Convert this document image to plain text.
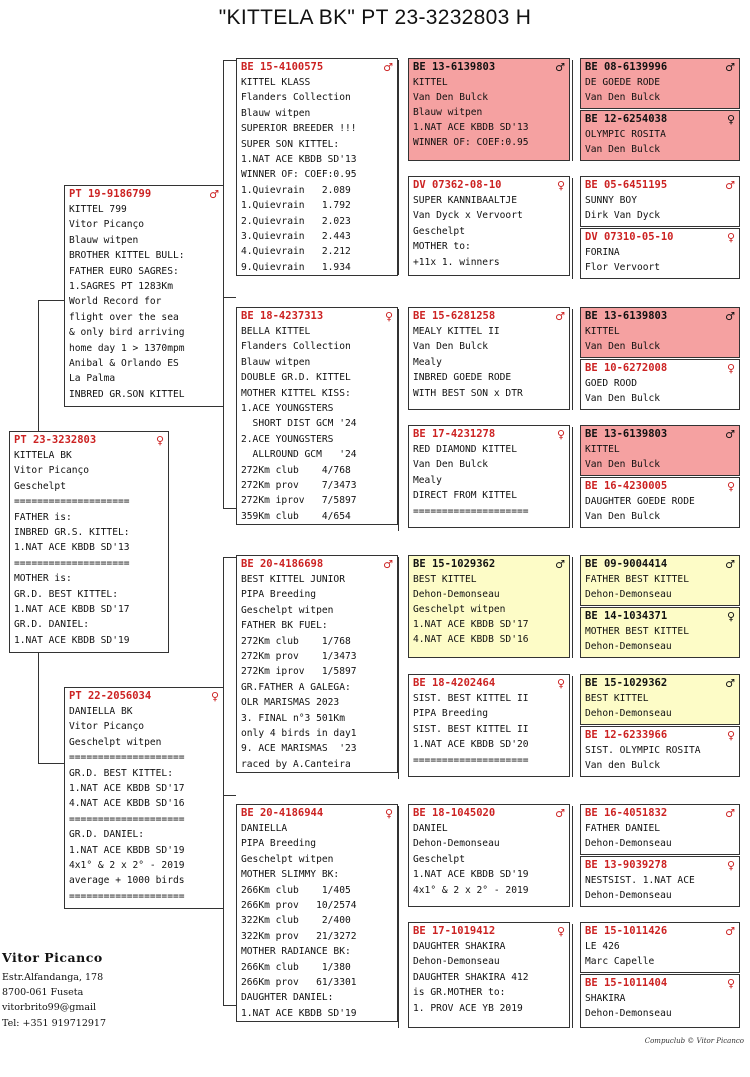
"KITTELA BK" PT 23-3232803 H
PT 23-3232803	♀
KITTELA BK
Vitor Picanço
Geschelpt
====================
FATHER is:
INBRED GR.S. KITTEL:
1.NAT ACE KBDB SD'13
====================
MOTHER is:
GR.D. BEST KITTEL:
1.NAT ACE KBDB SD'17
GR.D. DANIEL:
1.NAT ACE KBDB SD'19
PT 19-9186799	♂
KITTEL 799
Vitor Picanço
Blauw witpen
BROTHER KITTEL BULL:
FATHER EURO SAGRES:
1.SAGRES PT 1283Km
World Record for
flight over the sea
& only bird arriving
home day 1 > 1370mpm
Anibal & Orlando ES
La Palma
INBRED GR.SON KITTEL
PT 22-2056034	♀
DANIELLA BK
Vitor Picanço
Geschelpt witpen
====================
GR.D. BEST KITTEL:
1.NAT ACE KBDB SD'17
4.NAT ACE KBDB SD'16
====================
GR.D. DANIEL:
1.NAT ACE KBDB SD'19
4x1° & 2 x 2° - 2019
average + 1000 birds
====================
BE 15-4100575	♂
KITTEL KLASS
Flanders Collection
Blauw witpen
SUPERIOR BREEDER !!!
SUPER SON KITTEL:
1.NAT ACE KBDB SD'13
WINNER OF: COEF:0.95
1.Quievrain   2.089
1.Quievrain   1.792
2.Quievrain   2.023
3.Quievrain   2.443
4.Quievrain   2.212
9.Quievrain   1.934
BE 18-4237313	♀
BELLA KITTEL
Flanders Collection
Blauw witpen
DOUBLE GR.D. KITTEL
MOTHER KITTEL KISS:
1.ACE YOUNGSTERS
SHORT DIST GCM '24
2.ACE YOUNGSTERS
ALLROUND GCM   '24
272Km club    4/768
272Km prov    7/3473
272Km iprov   7/5897
359Km club    4/654
BE 20-4186698	♂
BEST KITTEL JUNIOR
PIPA Breeding
Geschelpt witpen
FATHER BK FUEL:
272Km club    1/768
272Km prov    1/3473
272Km iprov   1/5897
GR.FATHER A GALEGA:
OLR MARISMAS 2023
3. FINAL n°3 501Km
only 4 birds in day1
9. ACE MARISMAS  '23
raced by A.Canteira
BE 20-4186944	♀
DANIELLA
PIPA Breeding
Geschelpt witpen
MOTHER SLIMMY BK:
266Km club    1/405
266Km prov   10/2574
322Km club    2/400
322Km prov   21/3272
MOTHER RADIANCE BK:
266Km club    1/380
266Km prov   61/3301
DAUGHTER DANIEL:
1.NAT ACE KBDB SD'19
BE 13-6139803	♂
KITTEL
Van Den Bulck
Blauw witpen
1.NAT ACE KBDB SD'13
WINNER OF: COEF:0.95
DV 07362-08-10	♀
SUPER KANNIBAALTJE
Van Dyck x Vervoort
Geschelpt
MOTHER to:
+11x 1. winners
BE 15-6281258	♂
MEALY KITTEL II
Van Den Bulck
Mealy
INBRED GOEDE RODE
WITH BEST SON x DTR
BE 17-4231278	♀
RED DIAMOND KITTEL
Van Den Bulck
Mealy
DIRECT FROM KITTEL
====================
BE 15-1029362	♂
BEST KITTEL
Dehon-Demonseau
Geschelpt witpen
1.NAT ACE KBDB SD'17
4.NAT ACE KBDB SD'16
BE 18-4202464	♀
SIST. BEST KITTEL II
PIPA Breeding
SIST. BEST KITTEL II
1.NAT ACE KBDB SD'20
====================
BE 18-1045020	♂
DANIEL
Dehon-Demonseau
Geschelpt
1.NAT ACE KBDB SD'19
4x1° & 2 x 2° - 2019
BE 17-1019412	♀
DAUGHTER SHAKIRA
Dehon-Demonseau
DAUGHTER SHAKIRA 412
is GR.MOTHER to:
1. PROV ACE YB 2019
BE 08-6139996	♂
DE GOEDE RODE
Van Den Bulck
BE 12-6254038	♀
OLYMPIC ROSITA
Van Den Bulck
BE 05-6451195	♂
SUNNY BOY
Dirk Van Dyck
DV 07310-05-10	♀
FORINA
Flor Vervoort
BE 13-6139803	♂
KITTEL
Van Den Bulck
BE 10-6272008	♀
GOED ROOD
Van Den Bulck
BE 13-6139803	♂
KITTEL
Van Den Bulck
BE 16-4230005	♀
DAUGHTER GOEDE RODE
Van Den Bulck
BE 09-9004414	♂
FATHER BEST KITTEL
Dehon-Demonseau
BE 14-1034371	♀
MOTHER BEST KITTEL
Dehon-Demonseau
BE 15-1029362	♂
BEST KITTEL
Dehon-Demonseau
BE 12-6233966	♀
SIST. OLYMPIC ROSITA
Van den Bulck
BE 16-4051832	♂
FATHER DANIEL
Dehon-Demonseau
BE 13-9039278	♀
NESTSIST. 1.NAT ACE
Dehon-Demonseau
BE 15-1011426	♂
LE 426
Marc Capelle
BE 15-1011404	♀
SHAKIRA
Dehon-Demonseau
Vitor Picanco
Estr.Alfandanga, 178
8700-061 Fuseta
vitorbrito99@gmail
Tel: +351 919712917
Compuclub © Vitor Picanco
